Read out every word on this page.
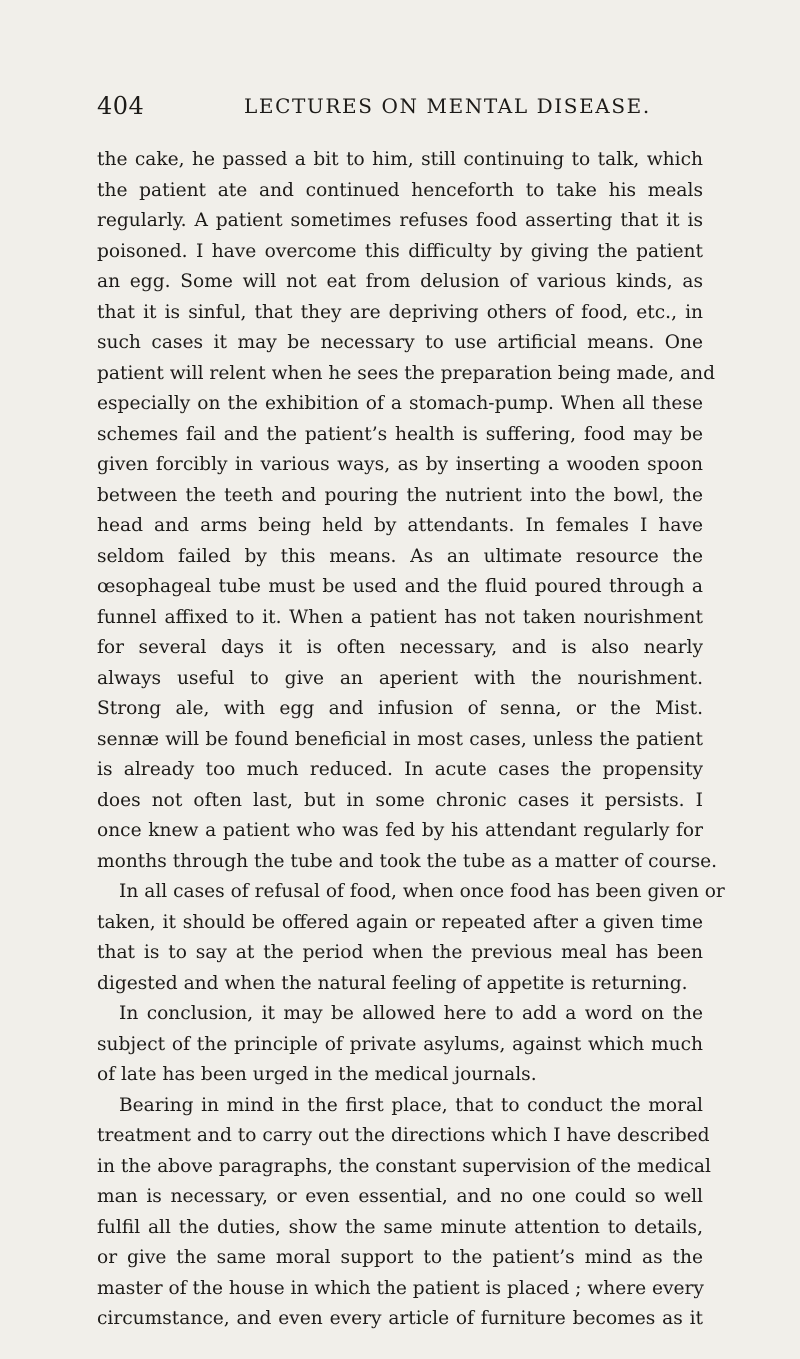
404	LECTURES ON MENTAL DISEASE.
the cake, he passed a bit to him, still continuing to talk, which
the patient ate and continued henceforth to take his meals
regularly. A patient sometimes refuses food asserting that it is
poisoned. I have overcome this difficulty by giving the patient
an egg. Some will not eat from delusion of various kinds, as
that it is sinful, that they are depriving others of food, etc., in
such cases it may be necessary to use artificial means. One
patient will relent when he sees the preparation being made, and
especially on the exhibition of a stomach-pump. When all these
schemes fail and the patient’s health is suffering, food may be
given forcibly in various ways, as by inserting a wooden spoon
between the teeth and pouring the nutrient into the bowl, the
head and arms being held by attendants. In females I have
seldom failed by this means. As an ultimate resource the
œsophageal tube must be used and the fluid poured through a
funnel affixed to it. When a patient has not taken nourishment
for several days it is often necessary, and is also nearly
always useful to give an aperient with the nourishment.
Strong ale, with egg and infusion of senna, or the Mist.
sennæ will be found beneficial in most cases, unless the patient
is already too much reduced. In acute cases the propensity
does not often last, but in some chronic cases it persists. I
once knew a patient who was fed by his attendant regularly for
months through the tube and took the tube as a matter of course.
In all cases of refusal of food, when once food has been given or
taken, it should be offered again or repeated after a given time
that is to say at the period when the previous meal has been
digested and when the natural feeling of appetite is returning.
In conclusion, it may be allowed here to add a word on the
subject of the principle of private asylums, against which much
of late has been urged in the medical journals.
Bearing in mind in the first place, that to conduct the moral
treatment and to carry out the directions which I have described
in the above paragraphs, the constant supervision of the medical
man is necessary, or even essential, and no one could so well
fulfil all the duties, show the same minute attention to details,
or give the same moral support to the patient’s mind as the
master of the house in which the patient is placed ; where every
circumstance, and even every article of furniture becomes as it
